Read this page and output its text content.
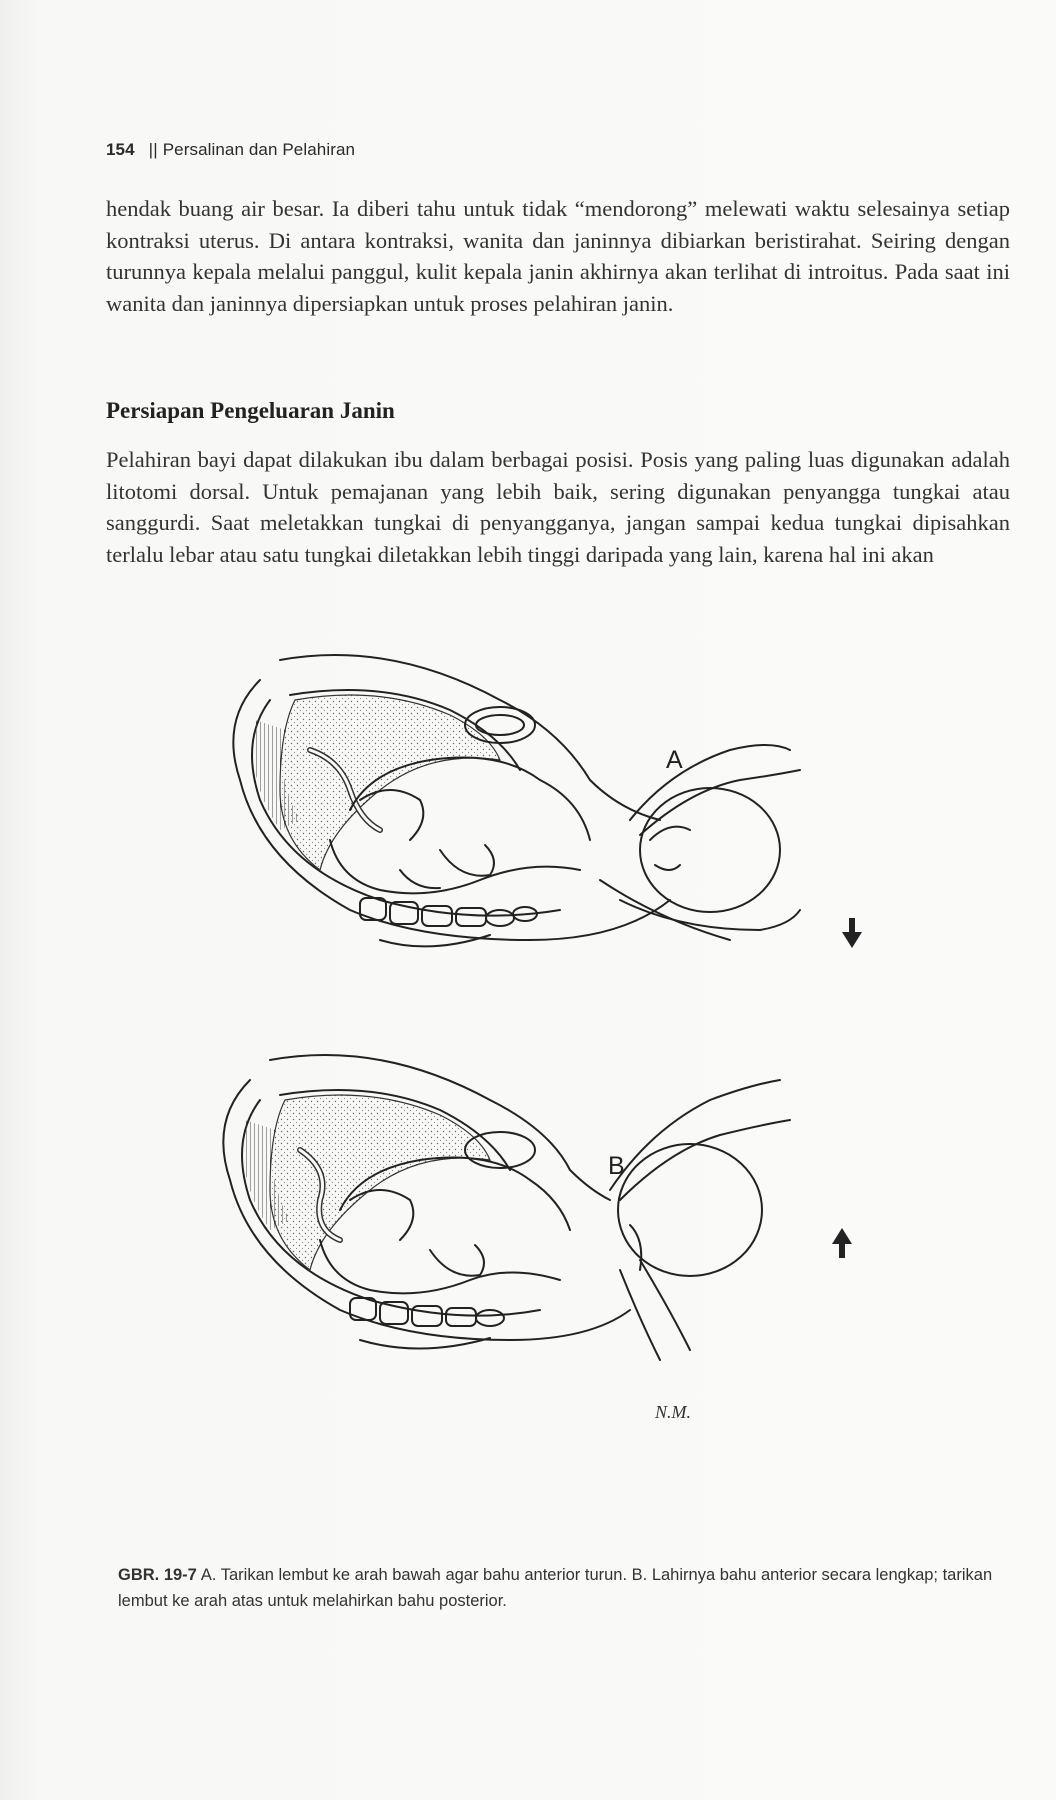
154 || Persalinan dan Pelahiran

hendak buang air besar. Ia diberi tahu untuk tidak “mendorong” melewati waktu selesainya setiap kontraksi uterus. Di antara kontraksi, wanita dan janinnya dibiarkan beristirahat. Seiring dengan turunnya kepala melalui panggul, kulit kepala janin akhirnya akan terlihat di introitus. Pada saat ini wanita dan janinnya dipersiapkan untuk proses pelahiran janin.

Persiapan Pengeluaran Janin

Pelahiran bayi dapat dilakukan ibu dalam berbagai posisi. Posis yang paling luas digunakan adalah litotomi dorsal. Untuk pemajanan yang lebih baik, sering digunakan penyangga tungkai atau sanggurdi. Saat meletakkan tungkai di penyangganya, jangan sampai kedua tungkai dipisahkan terlalu lebar atau satu tungkai diletakkan lebih tinggi daripada yang lain, karena hal ini akan

N.M.
A
B

GBR. 19-7 A. Tarikan lembut ke arah bawah agar bahu anterior turun. B. Lahirnya bahu anterior secara lengkap; tarikan lembut ke arah atas untuk melahirkan bahu posterior.
